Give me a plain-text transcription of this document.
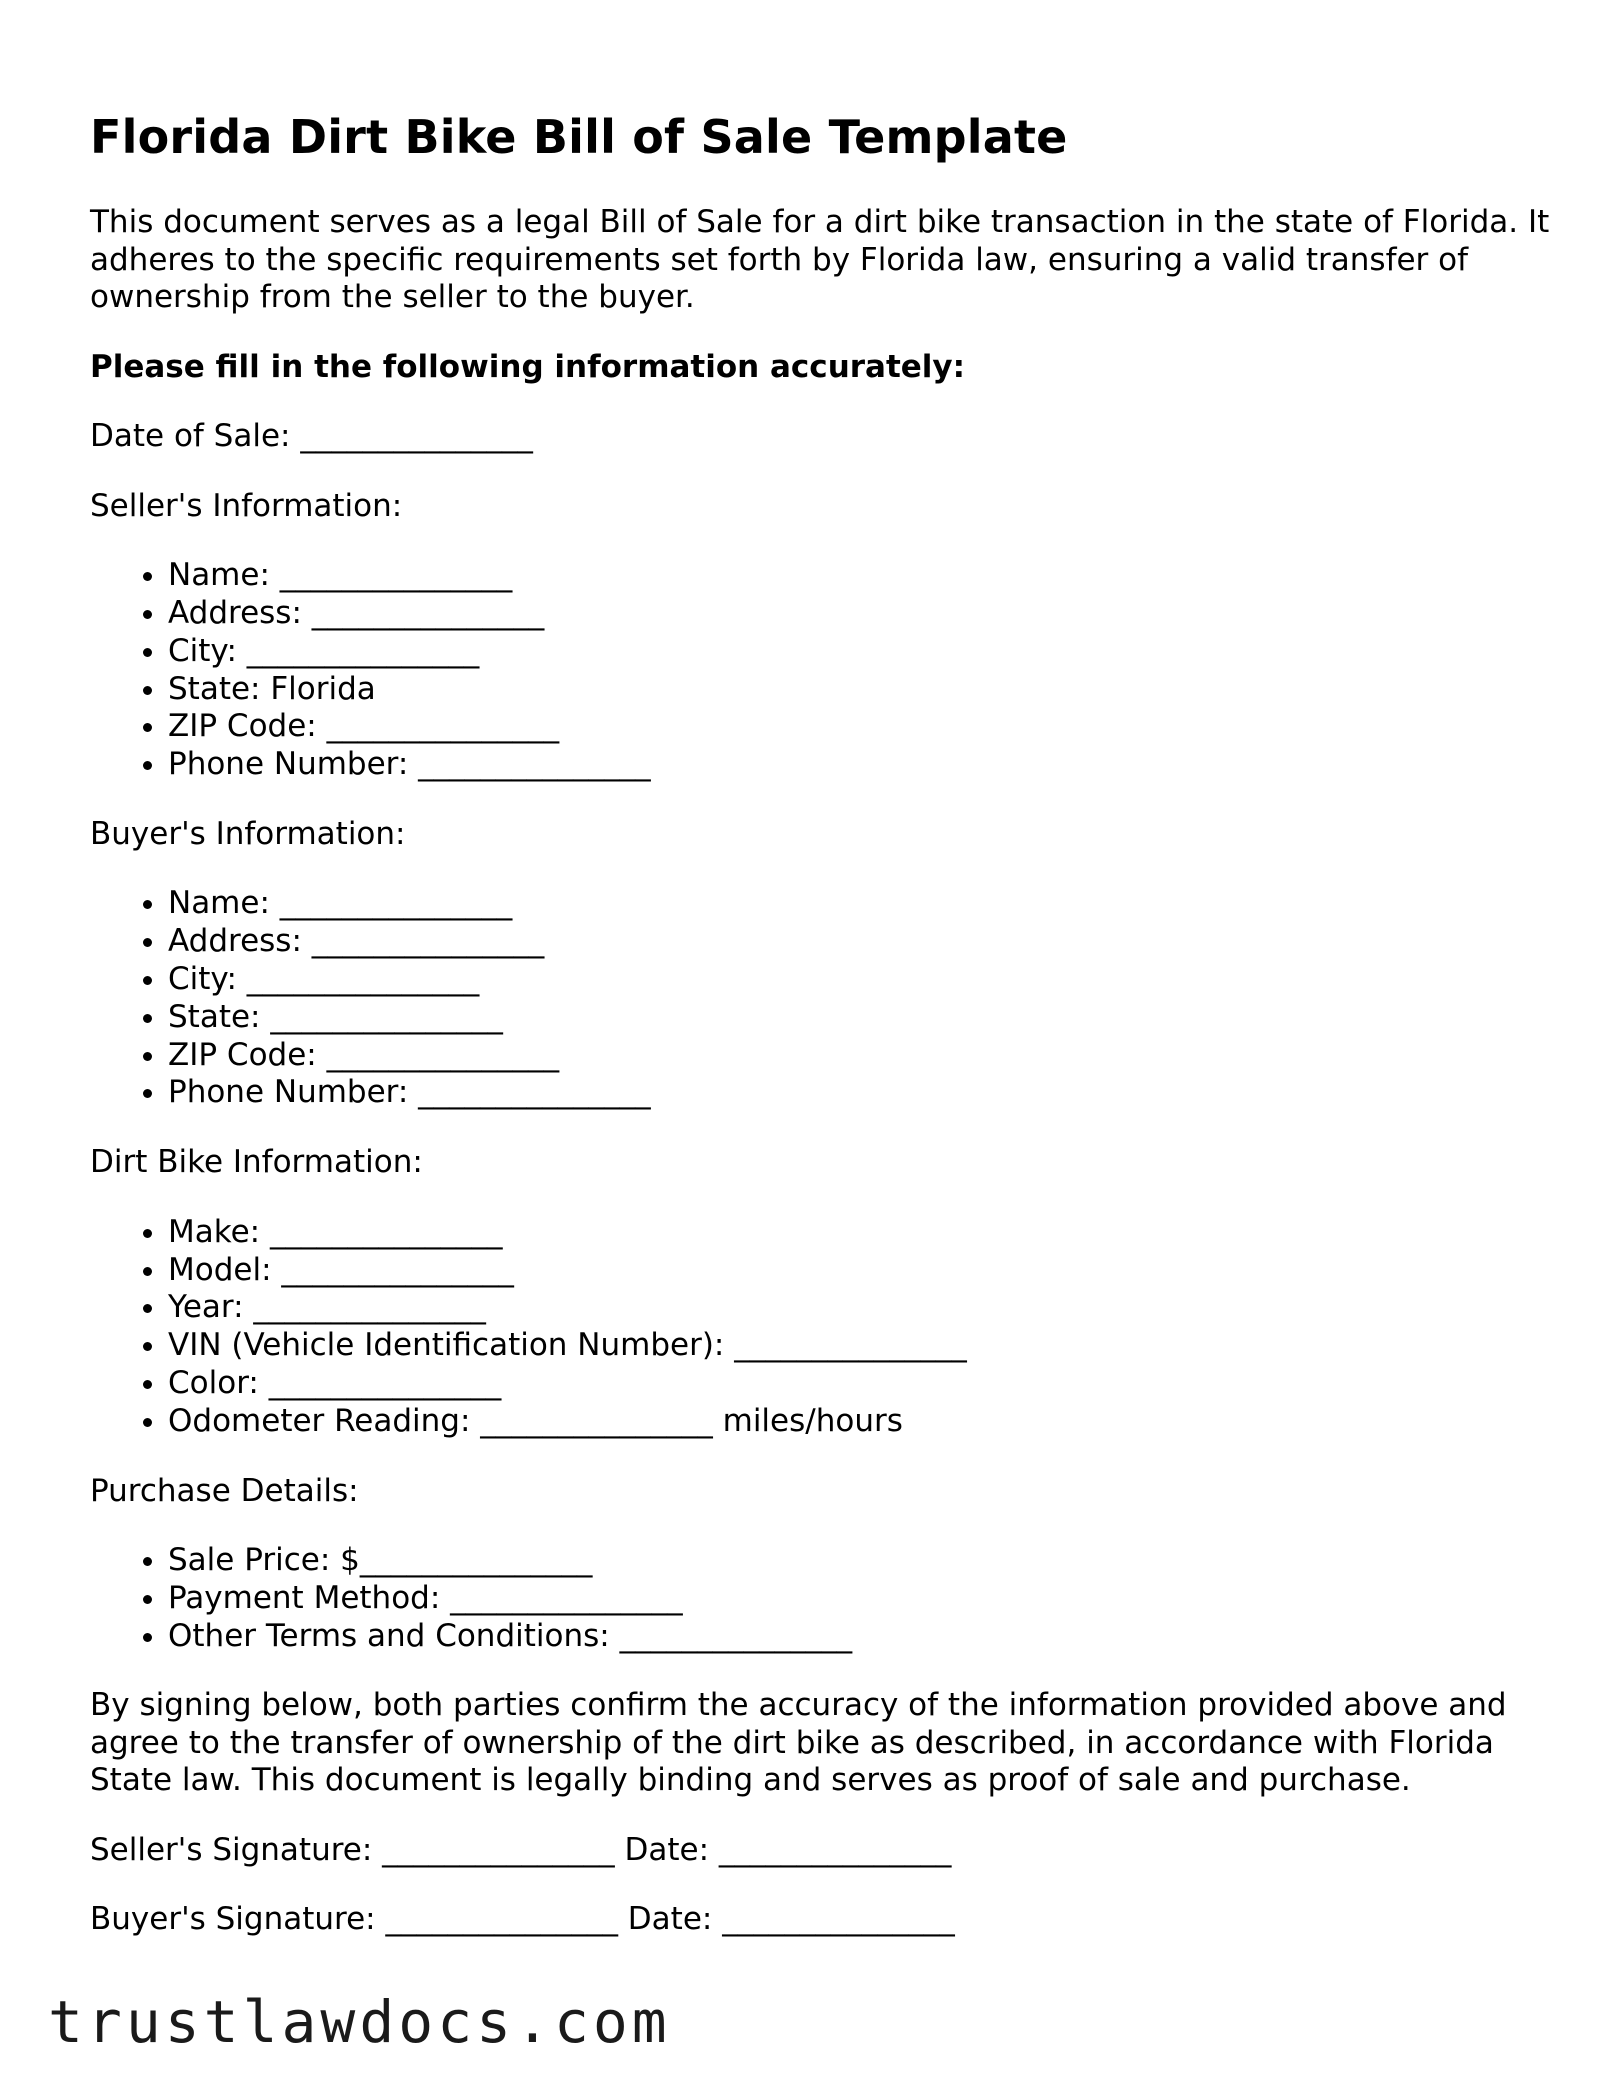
Florida Dirt Bike Bill of Sale Template

This document serves as a legal Bill of Sale for a dirt bike transaction in the state of Florida. It adheres to the specific requirements set forth by Florida law, ensuring a valid transfer of ownership from the seller to the buyer.

Please fill in the following information accurately:

Date of Sale: _______________

Seller's Information:

• Name: _______________
• Address: _______________
• City: _______________
• State: Florida
• ZIP Code: _______________
• Phone Number: _______________

Buyer's Information:

• Name: _______________
• Address: _______________
• City: _______________
• State: _______________
• ZIP Code: _______________
• Phone Number: _______________

Dirt Bike Information:

• Make: _______________
• Model: _______________
• Year: _______________
• VIN (Vehicle Identification Number): _______________
• Color: _______________
• Odometer Reading: _______________ miles/hours

Purchase Details:

• Sale Price: $_______________
• Payment Method: _______________
• Other Terms and Conditions: _______________

By signing below, both parties confirm the accuracy of the information provided above and agree to the transfer of ownership of the dirt bike as described, in accordance with Florida State law. This document is legally binding and serves as proof of sale and purchase.

Seller's Signature: _______________ Date: _______________

Buyer's Signature: _______________ Date: _______________

trustlawdocs.com
